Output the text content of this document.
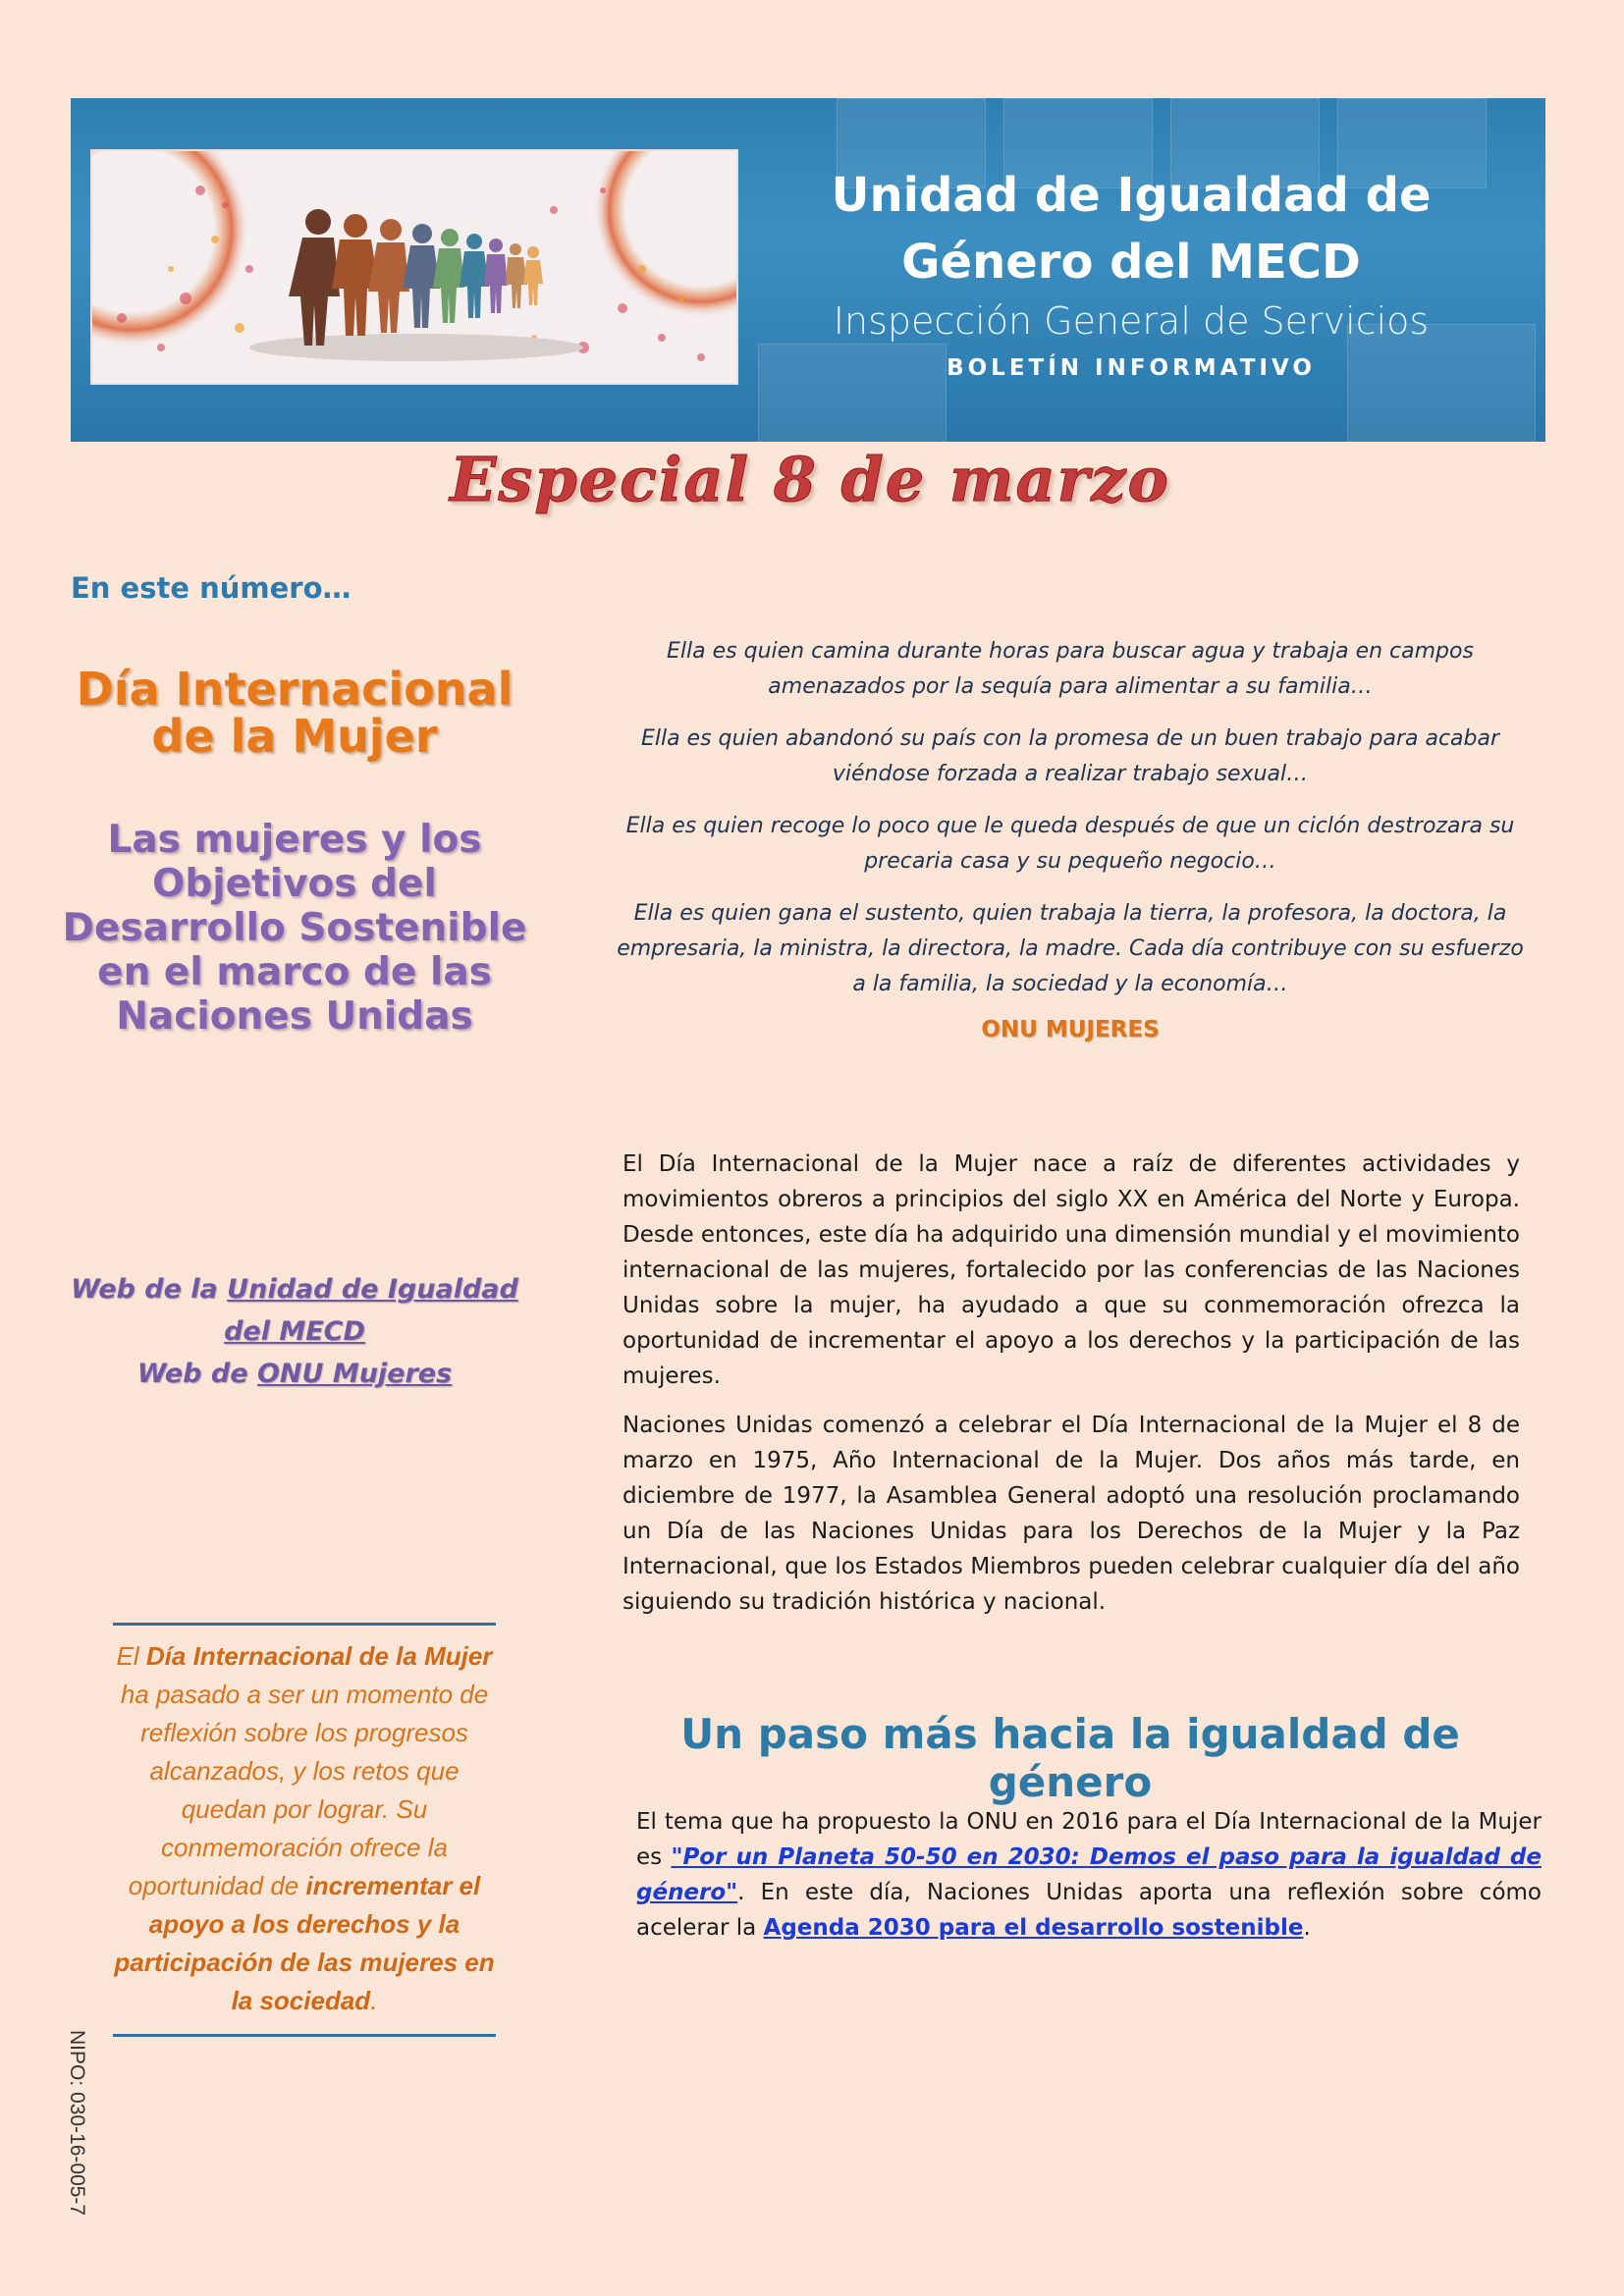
Unidad de Igualdad de
Género del MECD
Inspección General de Servicios
BOLETÍN INFORMATIVO
Especial 8 de marzo
En este número…
Día Internacional de la Mujer
Las mujeres y los Objetivos del Desarrollo Sostenible en el marco de las Naciones Unidas
Web de la Unidad de Igualdad del MECD
Web de ONU Mujeres
El Día Internacional de la Mujer ha pasado a ser un momento de reflexión sobre los progresos alcanzados, y los retos que quedan por lograr. Su conmemoración ofrece la oportunidad de incrementar el apoyo a los derechos y la participación de las mujeres en la sociedad.
NIPO: 030-16-005-7

Ella es quien camina durante horas para buscar agua y trabaja en campos amenazados por la sequía para alimentar a su familia…

Ella es quien abandonó su país con la promesa de un buen trabajo para acabar viéndose forzada a realizar trabajo sexual…

Ella es quien recoge lo poco que le queda después de que un ciclón destrozara su precaria casa y su pequeño negocio…

Ella es quien gana el sustento, quien trabaja la tierra, la profesora, la doctora, la empresaria, la ministra, la directora, la madre. Cada día contribuye con su esfuerzo a la familia, la sociedad y la economía…

ONU MUJERES

El Día Internacional de la Mujer nace a raíz de diferentes actividades y movimientos obreros a principios del siglo XX en América del Norte y Europa. Desde entonces, este día ha adquirido una dimensión mundial y el movimiento internacional de las mujeres, fortalecido por las conferencias de las Naciones Unidas sobre la mujer, ha ayudado a que su conmemoración ofrezca la oportunidad de incrementar el apoyo a los derechos y la participación de las mujeres.

Naciones Unidas comenzó a celebrar el Día Internacional de la Mujer el 8 de marzo en 1975, Año Internacional de la Mujer. Dos años más tarde, en diciembre de 1977, la Asamblea General adoptó una resolución proclamando un Día de las Naciones Unidas para los Derechos de la Mujer y la Paz Internacional, que los Estados Miembros pueden celebrar cualquier día del año siguiendo su tradición histórica y nacional.

Un paso más hacia la igualdad de género
El tema que ha propuesto la ONU en 2016 para el Día Internacional de la Mujer es "Por un Planeta 50-50 en 2030: Demos el paso para la igualdad de género". En este día, Naciones Unidas aporta una reflexión sobre cómo acelerar la Agenda 2030 para el desarrollo sostenible.
